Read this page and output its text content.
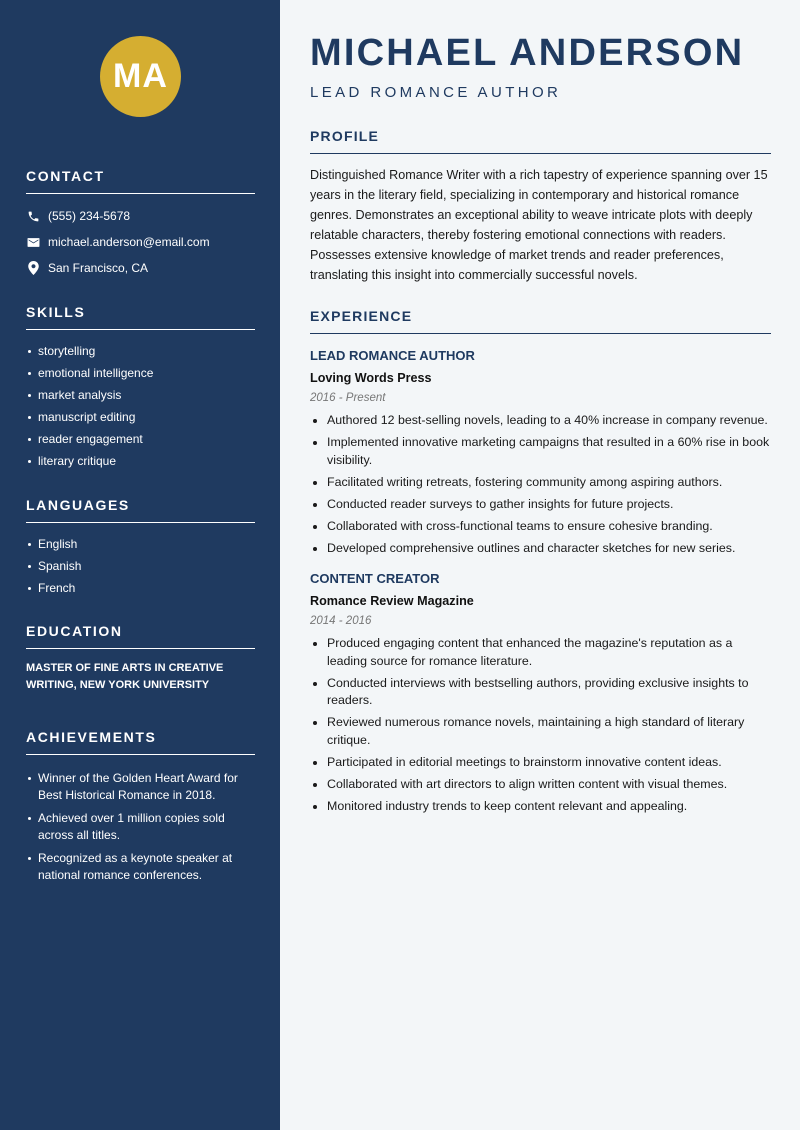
MA
CONTACT
(555) 234-5678
michael.anderson@email.com
San Francisco, CA
SKILLS
storytelling
emotional intelligence
market analysis
manuscript editing
reader engagement
literary critique
LANGUAGES
English
Spanish
French
EDUCATION
MASTER OF FINE ARTS IN CREATIVE WRITING, NEW YORK UNIVERSITY
ACHIEVEMENTS
Winner of the Golden Heart Award for Best Historical Romance in 2018.
Achieved over 1 million copies sold across all titles.
Recognized as a keynote speaker at national romance conferences.
MICHAEL ANDERSON
LEAD ROMANCE AUTHOR
PROFILE

Distinguished Romance Writer with a rich tapestry of experience spanning over 15 years in the literary field, specializing in contemporary and historical romance genres. Demonstrates an exceptional ability to weave intricate plots with deeply relatable characters, thereby fostering emotional connections with readers. Possesses extensive knowledge of market trends and reader preferences, translating this insight into commercially successful novels.

EXPERIENCE
LEAD ROMANCE AUTHOR
Loving Words Press
2016 - Present
Authored 12 best-selling novels, leading to a 40% increase in company revenue.
Implemented innovative marketing campaigns that resulted in a 60% rise in book visibility.
Facilitated writing retreats, fostering community among aspiring authors.
Conducted reader surveys to gather insights for future projects.
Collaborated with cross-functional teams to ensure cohesive branding.
Developed comprehensive outlines and character sketches for new series.
CONTENT CREATOR
Romance Review Magazine
2014 - 2016
Produced engaging content that enhanced the magazine's reputation as a leading source for romance literature.
Conducted interviews with bestselling authors, providing exclusive insights to readers.
Reviewed numerous romance novels, maintaining a high standard of literary critique.
Participated in editorial meetings to brainstorm innovative content ideas.
Collaborated with art directors to align written content with visual themes.
Monitored industry trends to keep content relevant and appealing.
